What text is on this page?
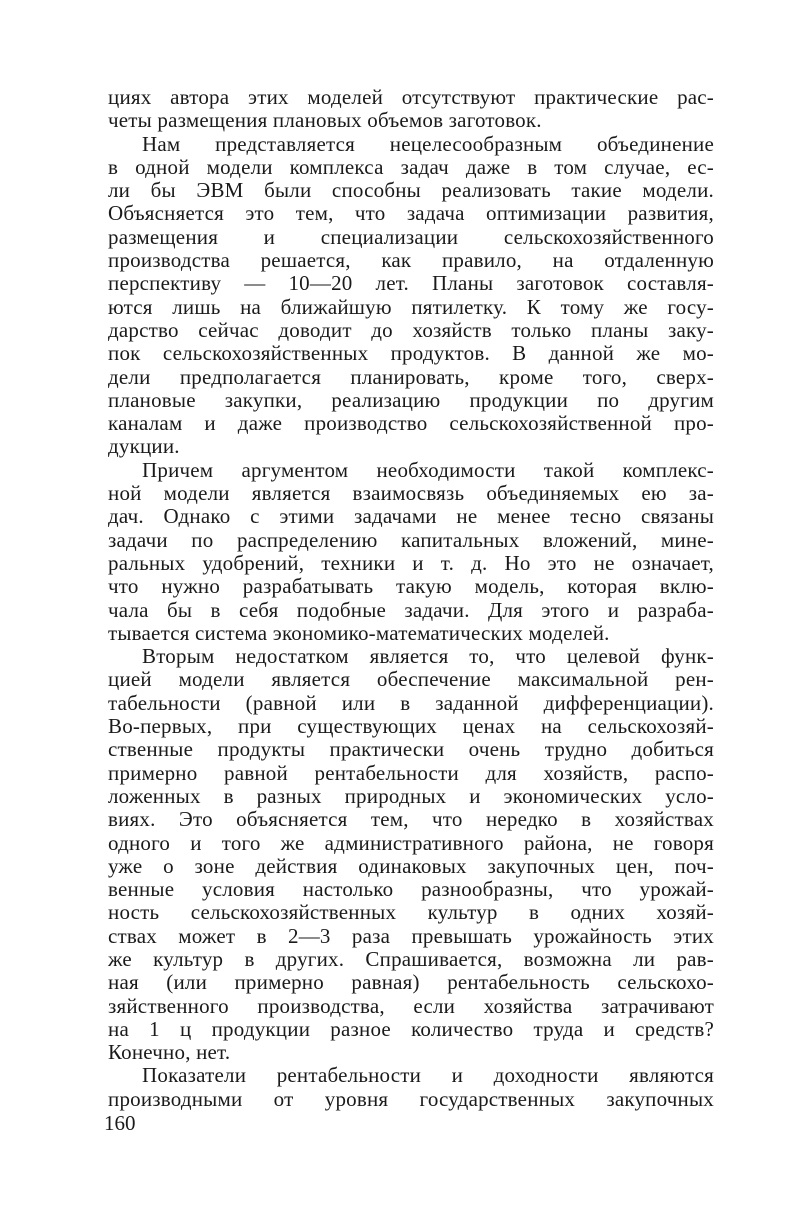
циях автора этих моделей отсутствуют практические рас-
четы размещения плановых объемов заготовок.
Нам представляется нецелесообразным объединение
в одной модели комплекса задач даже в том случае, ес-
ли бы ЭВМ были способны реализовать такие модели.
Объясняется это тем, что задача оптимизации развития,
размещения и специализации сельскохозяйственного
производства решается, как правило, на отдаленную
перспективу — 10—20 лет. Планы заготовок составля-
ются лишь на ближайшую пятилетку. К тому же госу-
дарство сейчас доводит до хозяйств только планы заку-
пок сельскохозяйственных продуктов. В данной же мо-
дели предполагается планировать, кроме того, сверх-
плановые закупки, реализацию продукции по другим
каналам и даже производство сельскохозяйственной про-
дукции.
Причем аргументом необходимости такой комплекс-
ной модели является взаимосвязь объединяемых ею за-
дач. Однако с этими задачами не менее тесно связаны
задачи по распределению капитальных вложений, мине-
ральных удобрений, техники и т. д. Но это не означает,
что нужно разрабатывать такую модель, которая вклю-
чала бы в себя подобные задачи. Для этого и разраба-
тывается система экономико-математических моделей.
Вторым недостатком является то, что целевой функ-
цией модели является обеспечение максимальной рен-
табельности (равной или в заданной дифференциации).
Во-первых, при существующих ценах на сельскохозяй-
ственные продукты практически очень трудно добиться
примерно равной рентабельности для хозяйств, распо-
ложенных в разных природных и экономических усло-
виях. Это объясняется тем, что нередко в хозяйствах
одного и того же административного района, не говоря
уже о зоне действия одинаковых закупочных цен, поч-
венные условия настолько разнообразны, что урожай-
ность сельскохозяйственных культур в одних хозяй-
ствах может в 2—3 раза превышать урожайность этих
же культур в других. Спрашивается, возможна ли рав-
ная (или примерно равная) рентабельность сельскохо-
зяйственного производства, если хозяйства затрачивают
на 1 ц продукции разное количество труда и средств?
Конечно, нет.
Показатели рентабельности и доходности являются
производными от уровня государственных закупочных
160
